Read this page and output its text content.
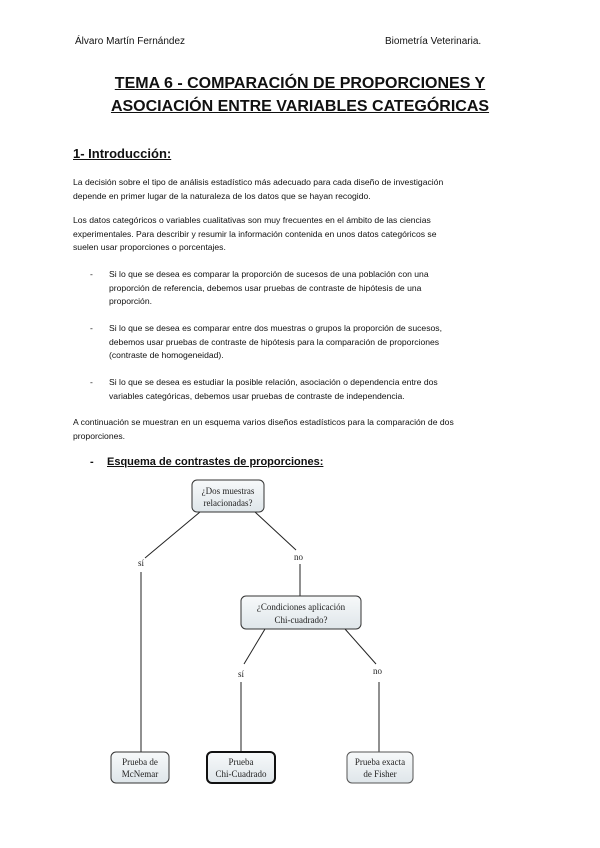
Álvaro Martín Fernández	Biometría Veterinaria.
TEMA 6 - COMPARACIÓN DE PROPORCIONES Y
ASOCIACIÓN ENTRE VARIABLES CATEGÓRICAS
1- Introducción:
La decisión sobre el tipo de análisis estadístico más adecuado para cada diseño de investigación
depende en primer lugar de la naturaleza de los datos que se hayan recogido.
Los datos categóricos o variables cualitativas son muy frecuentes en el ámbito de las ciencias
experimentales. Para describir y resumir la información contenida en unos datos categóricos se
suelen usar proporciones o porcentajes.
- Si lo que se desea es comparar la proporción de sucesos de una población con una
proporción de referencia, debemos usar pruebas de contraste de hipótesis de una
proporción.
- Si lo que se desea es comparar entre dos muestras o grupos la proporción de sucesos,
debemos usar pruebas de contraste de hipótesis para la comparación de proporciones
(contraste de homogeneidad).
- Si lo que se desea es estudiar la posible relación, asociación o dependencia entre dos
variables categóricas, debemos usar pruebas de contraste de independencia.
A continuación se muestran en un esquema varios diseños estadísticos para la comparación de dos
proporciones.
- Esquema de contrastes de proporciones:
sí
no
sí	no
¿Dos muestras
relacionadas?
¿Condiciones aplicación
Chi-cuadrado?
Prueba de
McNemar
Prueba
Chi-Cuadrado
Prueba exacta
de Fisher
